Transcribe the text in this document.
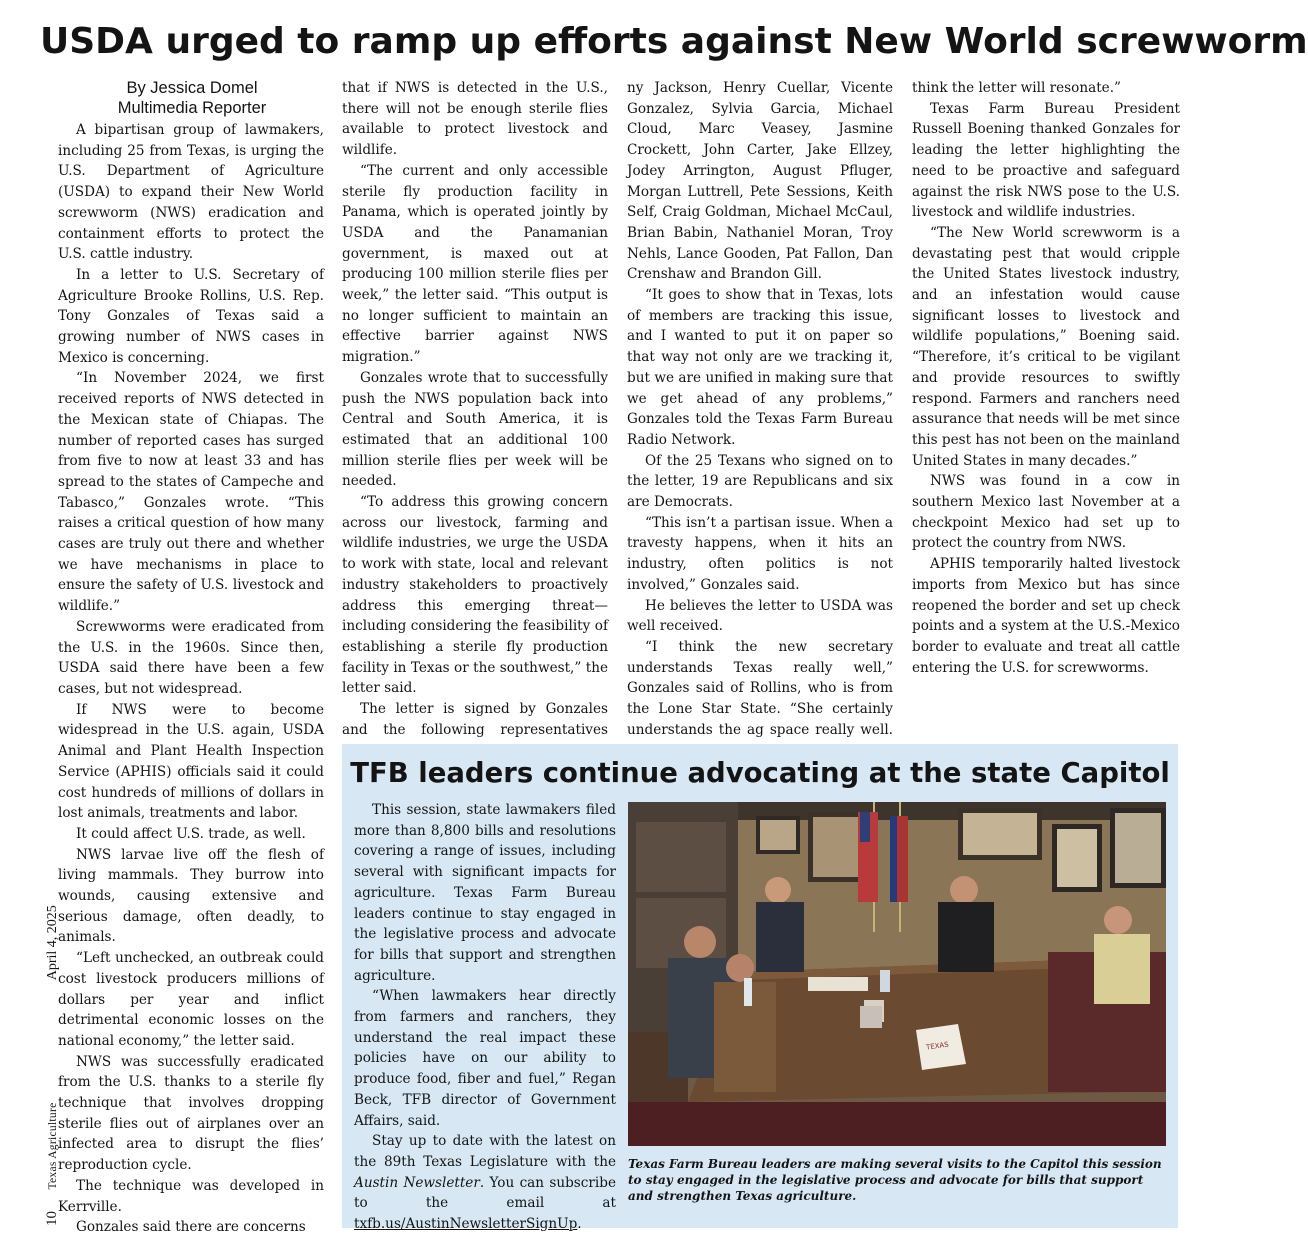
USDA urged to ramp up efforts against New World screwworm
By Jessica Domel
Multimedia Reporter

A bipartisan group of lawmakers, including 25 from Texas, is urging the U.S. Department of Agriculture (USDA) to expand their New World screwworm (NWS) eradication and containment efforts to protect the U.S. cattle industry.

In a letter to U.S. Secretary of Agriculture Brooke Rollins, U.S. Rep. Tony Gonzales of Texas said a growing number of NWS cases in Mexico is concerning.

“In November 2024, we first received reports of NWS detected in the Mexican state of Chiapas. The number of reported cases has surged from five to now at least 33 and has spread to the states of Campeche and Tabasco,” Gonzales wrote. “This raises a critical question of how many cases are truly out there and whether we have mechanisms in place to ensure the safety of U.S. livestock and wildlife.”

Screwworms were eradicated from the U.S. in the 1960s. Since then, USDA said there have been a few cases, but not widespread.

If NWS were to become widespread in the U.S. again, USDA Animal and Plant Health Inspection Service (APHIS) officials said it could cost hundreds of millions of dollars in lost animals, treatments and labor.

It could affect U.S. trade, as well.

NWS larvae live off the flesh of living mammals. They burrow into wounds, causing extensive and serious damage, often deadly, to animals.

“Left unchecked, an outbreak could cost livestock producers millions of dollars per year and inflict detrimental economic losses on the national economy,” the letter said.

NWS was successfully eradicated from the U.S. thanks to a sterile fly technique that involves dropping sterile flies out of airplanes over an infected area to disrupt the flies’ reproduction cycle.

The technique was developed in Kerrville.

Gonzales said there are concerns

that if NWS is detected in the U.S., there will not be enough sterile flies available to protect livestock and wildlife.

“The current and only accessible sterile fly production facility in Panama, which is operated jointly by USDA and the Panamanian government, is maxed out at producing 100 million sterile flies per week,” the letter said. “This output is no longer sufficient to maintain an effective barrier against NWS migration.”

Gonzales wrote that to successfully push the NWS population back into Central and South America, it is estimated that an additional 100 million sterile flies per week will be needed.

“To address this growing concern across our livestock, farming and wildlife industries, we urge the USDA to work with state, local and relevant industry stakeholders to proactively address this emerging threat—including considering the feasibility of establishing a sterile fly production facility in Texas or the southwest,” the letter said.

The letter is signed by Gonzales and the following representatives

ny Jackson, Henry Cuellar, Vicente Gonzalez, Sylvia Garcia, Michael Cloud, Marc Veasey, Jasmine Crockett, John Carter, Jake Ellzey, Jodey Arrington, August Pfluger, Morgan Luttrell, Pete Sessions, Keith Self, Craig Goldman, Michael McCaul, Brian Babin, Nathaniel Moran, Troy Nehls, Lance Gooden, Pat Fallon, Dan Crenshaw and Brandon Gill.

“It goes to show that in Texas, lots of members are tracking this issue, and I wanted to put it on paper so that way not only are we tracking it, but we are unified in making sure that we get ahead of any problems,” Gonzales told the Texas Farm Bureau Radio Network.

Of the 25 Texans who signed on to the letter, 19 are Republicans and six are Democrats.

“This isn’t a partisan issue. When a travesty happens, when it hits an industry, often politics is not involved,” Gonzales said.

He believes the letter to USDA was well received.

“I think the new secretary understands Texas really well,” Gonzales said of Rollins, who is from the Lone Star State. “She certainly understands the ag space really well.

think the letter will resonate.”

Texas Farm Bureau President Russell Boening thanked Gonzales for leading the letter highlighting the need to be proactive and safeguard against the risk NWS pose to the U.S. livestock and wildlife industries.

“The New World screwworm is a devastating pest that would cripple the United States livestock industry, and an infestation would cause significant losses to livestock and wildlife populations,” Boening said. “Therefore, it’s critical to be vigilant and provide resources to swiftly respond. Farmers and ranchers need assurance that needs will be met since this pest has not been on the mainland United States in many decades.”

NWS was found in a cow in southern Mexico last November at a checkpoint Mexico had set up to protect the country from NWS.

APHIS temporarily halted livestock imports from Mexico but has since reopened the border and set up check points and a system at the U.S.-Mexico border to evaluate and treat all cattle entering the U.S. for screwworms.

10 Texas Agriculture  April 4, 2025
TFB leaders continue advocating at the state Capitol

This session, state lawmakers filed more than 8,800 bills and resolutions covering a range of issues, including several with significant impacts for agriculture. Texas Farm Bureau leaders continue to stay engaged in the legislative process and advocate for bills that support and strengthen agriculture.

“When lawmakers hear directly from farmers and ranchers, they understand the real impact these policies have on our ability to produce food, fiber and fuel,” Regan Beck, TFB director of Government Affairs, said.

Stay up to date with the latest on the 89th Texas Legislature with the Austin Newsletter. You can subscribe to the email at txfb.us/AustinNewsletterSignUp.

TEXAS

Texas Farm Bureau leaders are making several visits to the Capitol this session to stay engaged in the legislative process and advocate for bills that support and strengthen Texas agriculture.
